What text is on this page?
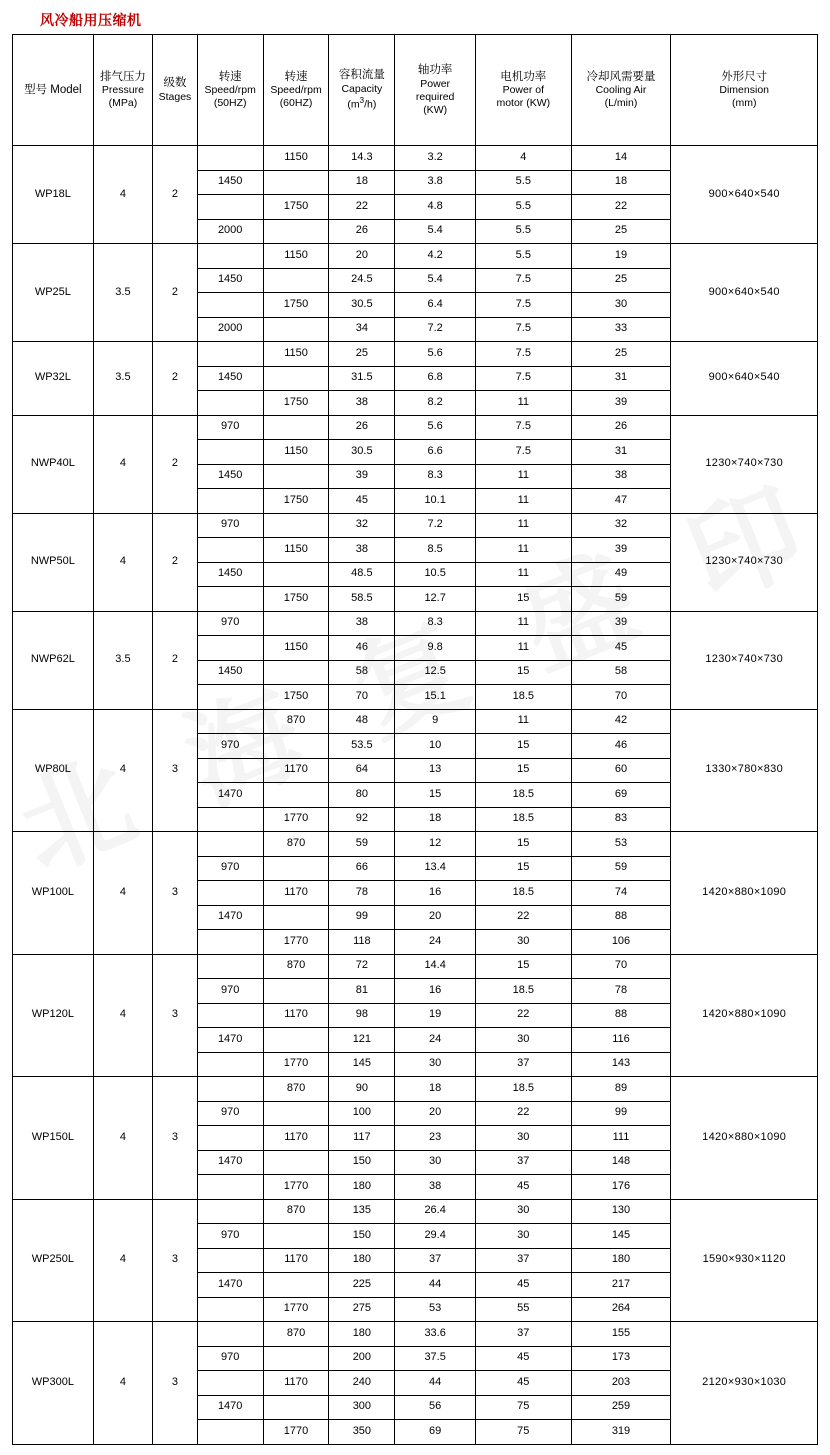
风冷船用压缩机
型号 Model	排气压力
Pressure
(MPa)	级数
Stages	转速
Speed/rpm
(50HZ)	转速
Speed/rpm
(60HZ)	容积流量
Capacity
$(m^3/h)$	轴功率
Power
required
(KW)	电机功率
Power of
motor (KW)	冷却风需要量
Cooling Air
(L/min)	外形尺寸
Dimension
(mm)

WP18L	4	2		1150	14.3	3.2	4	14	900×640×540
			1450		18	3.8	5.5	18	
				1750	22	4.8	5.5	22	
			2000		26	5.4	5.5	25	
WP25L	3.5	2		1150	20	4.2	5.5	19	900×640×540
			1450		24.5	5.4	7.5	25	
				1750	30.5	6.4	7.5	30	
			2000		34	7.2	7.5	33	
WP32L	3.5	2		1150	25	5.6	7.5	25	900×640×540
			1450		31.5	6.8	7.5	31	
				1750	38	8.2	11	39	
NWP40L	4	2	970		26	5.6	7.5	26	1230×740×730
				1150	30.5	6.6	7.5	31	
			1450		39	8.3	11	38	
				1750	45	10.1	11	47	
NWP50L	4	2	970		32	7.2	11	32	1230×740×730
				1150	38	8.5	11	39	
			1450		48.5	10.5	11	49	
				1750	58.5	12.7	15	59	
NWP62L	3.5	2	970		38	8.3	11	39	1230×740×730
				1150	46	9.8	11	45	
			1450		58	12.5	15	58	
				1750	70	15.1	18.5	70	
WP80L	4	3		870	48	9	11	42	1330×780×830
			970		53.5	10	15	46	
				1170	64	13	15	60	
			1470		80	15	18.5	69	
				1770	92	18	18.5	83	
WP100L	4	3		870	59	12	15	53	1420×880×1090
			970		66	13.4	15	59	
				1170	78	16	18.5	74	
			1470		99	20	22	88	
				1770	118	24	30	106	
WP120L	4	3		870	72	14.4	15	70	1420×880×1090
			970		81	16	18.5	78	
				1170	98	19	22	88	
			1470		121	24	30	116	
				1770	145	30	37	143	
WP150L	4	3		870	90	18	18.5	89	1420×880×1090
			970		100	20	22	99	
				1170	117	23	30	111	
			1470		150	30	37	148	
				1770	180	38	45	176	
WP250L	4	3		870	135	26.4	30	130	1590×930×1120
			970		150	29.4	30	145	
				1170	180	37	37	180	
			1470		225	44	45	217	
				1770	275	53	55	264	
WP300L	4	3		870	180	33.6	37	155	2120×930×1030
			970		200	37.5	45	173	
				1170	240	44	45	203	
			1470		300	56	75	259	
				1770	350	69	75	319	
